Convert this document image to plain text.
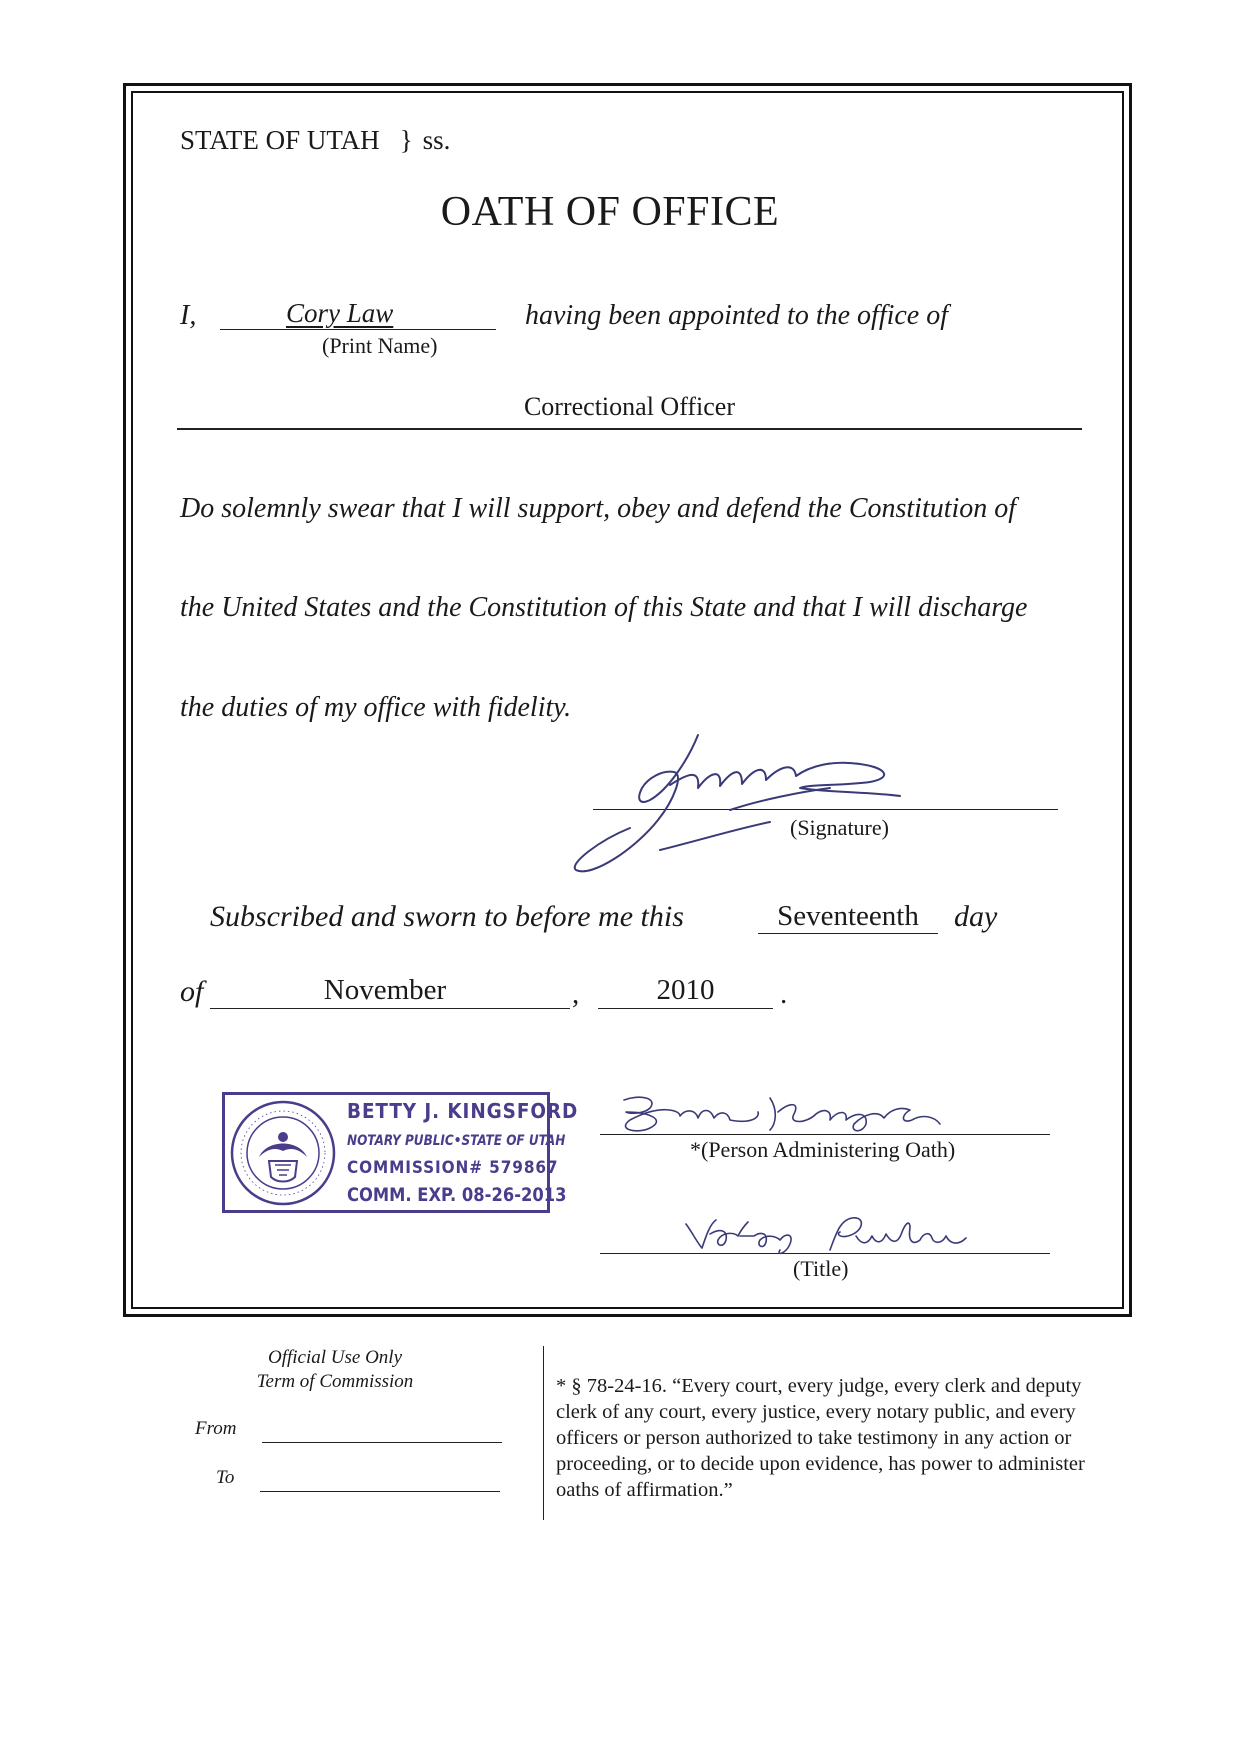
STATE OF UTAH } ss.
OATH OF OFFICE
I,	Cory Law	having been appointed to the office of
(Print Name)
Correctional Officer
Do solemnly swear that I will support, obey and defend the Constitution of
the United States and the Constitution of this State and that I will discharge
the duties of my office with fidelity.
(Signature)
Subscribed and sworn to before me this	Seventeenth	day
of	November	,	2010	.
BETTY J. KINGSFORD
NOTARY PUBLIC•STATE OF UTAH
COMMISSION# 579867
COMM. EXP. 08-26-2013
*(Person Administering Oath)
(Title)
Official Use Only
Term of Commission
From
To
* § 78-24-16. “Every court, every judge, every clerk and deputy clerk of any court, every justice, every notary public, and every officers or person authorized to take testimony in any action or proceeding, or to decide upon evidence, has power to administer oaths of affirmation.”
